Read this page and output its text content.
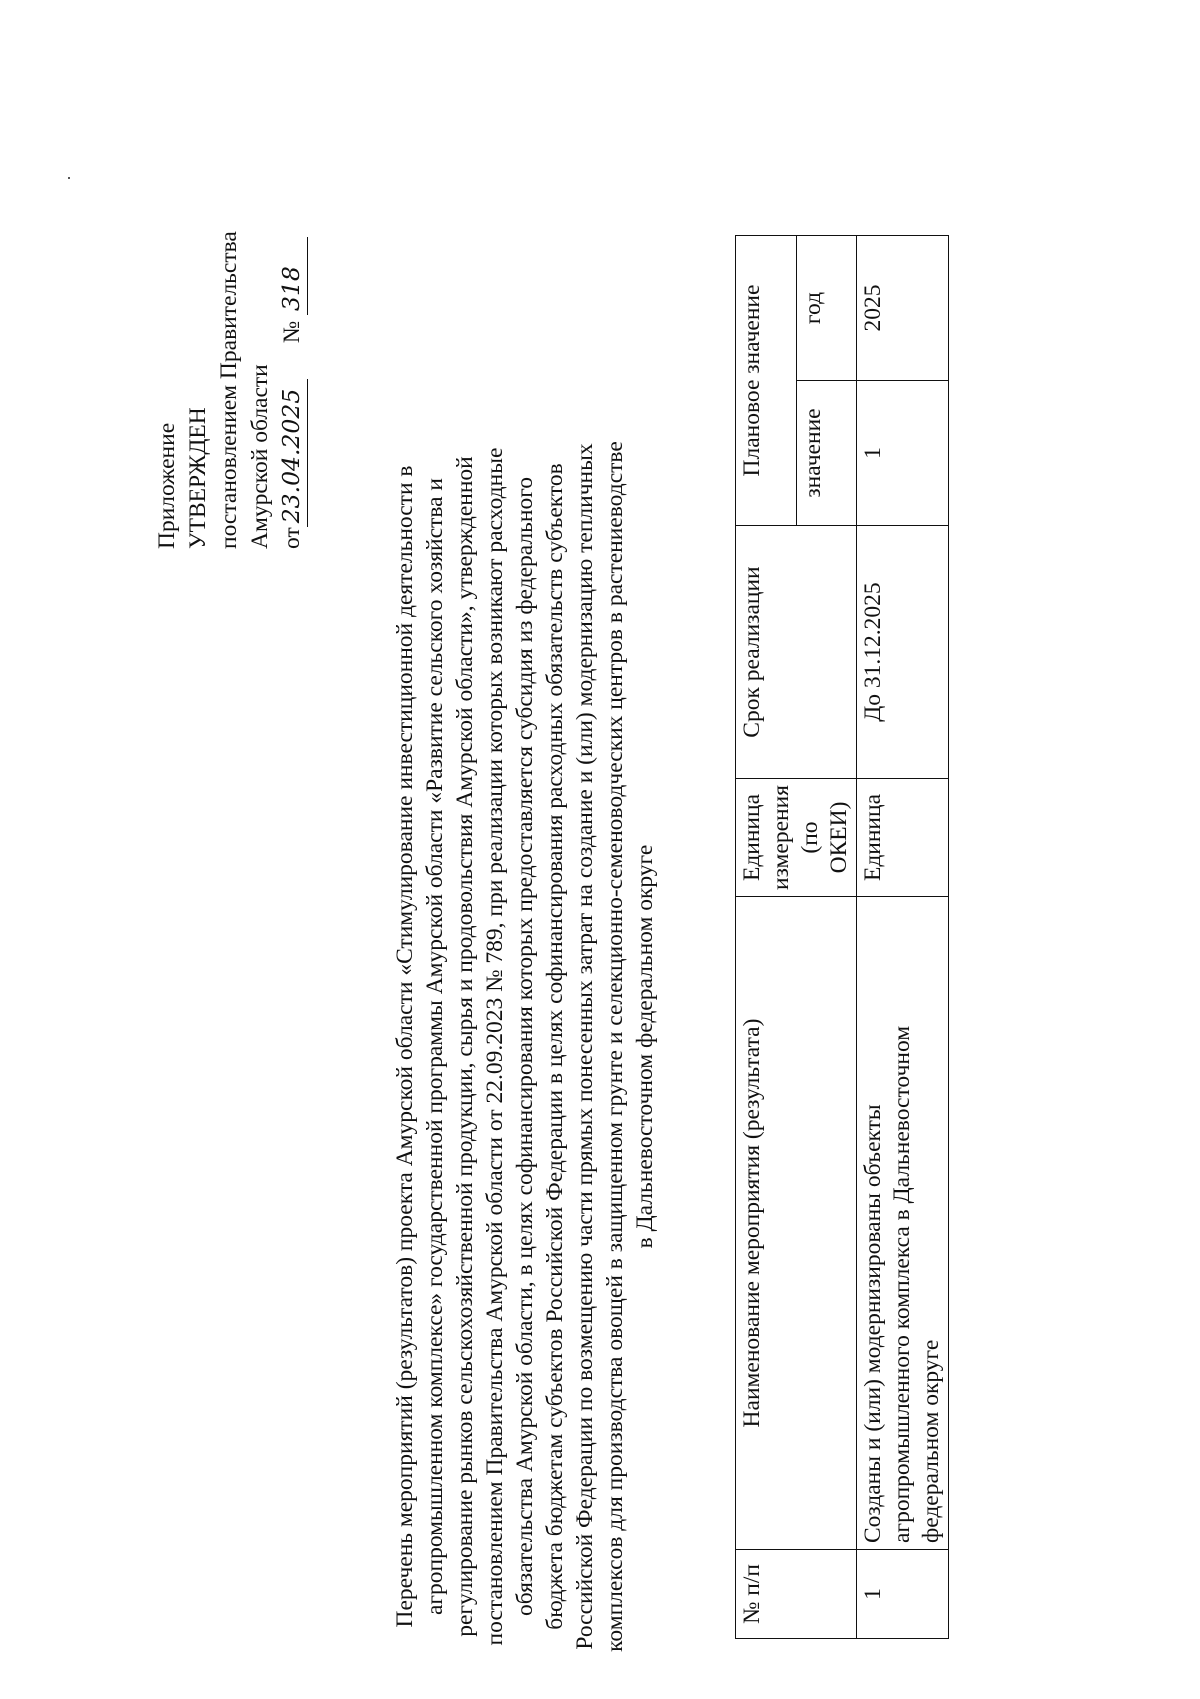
Приложение УТВЕРЖДЕН постановлением Правительства Амурской области от23.04.2025№ 318
Перечень мероприятий (результатов) проекта Амурской области «Стимулирование инвестиционной деятельности в агропромышленном комплексе» государственной программы Амурской области «Развитие сельского хозяйства и регулирование рынков сельскохозяйственной продукции, сырья и продовольствия Амурской области», утвержденной постановлением Правительства Амурской области от 22.09.2023 № 789, при реализации которых возникают расходные обязательства Амурской области, в целях софинансирования которых предоставляется субсидия из федерального бюджета бюджетам субъектов Российской Федерации в целях софинансирования расходных обязательств субъектов Российской Федерации по возмещению части прямых понесенных затрат на создание и (или) модернизацию тепличных комплексов для производства овощей в защищенном грунте и селекционно-семеноводческих центров в растениеводстве в Дальневосточном федеральном округе
№ п/п	Наименование мероприятия (результата)	Единица измерения (по ОКЕИ)	Срок реализации	Плановое значение	
				значение	год
1	Созданы и (или) модернизированы объекты агропромышленного комплекса в Дальневосточном федеральном округе	Единица	До 31.12.2025	1	2025
